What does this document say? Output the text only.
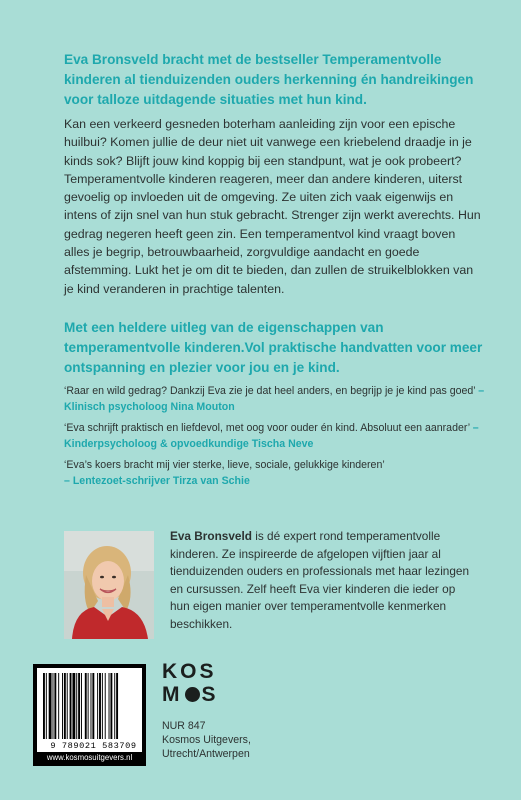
Eva Bronsveld bracht met de bestseller Temperamentvolle kinderen al tienduizenden ouders herkenning én handreikingen voor talloze uitdagende situaties met hun kind.

Kan een verkeerd gesneden boterham aanleiding zijn voor een epische huilbui? Komen jullie de deur niet uit vanwege een kriebelend draadje in je kinds sok? Blijft jouw kind koppig bij een standpunt, wat je ook probeert? Temperamentvolle kinderen reageren, meer dan andere kinderen, uiterst gevoelig op invloeden uit de omgeving. Ze uiten zich vaak eigenwijs en intens of zijn snel van hun stuk gebracht. Strenger zijn werkt averechts. Hun gedrag negeren heeft geen zin. Een temperamentvol kind vraagt boven alles je begrip, betrouwbaarheid, zorgvuldige aandacht en goede afstemming. Lukt het je om dit te bieden, dan zullen de struikelblokken van je kind veranderen in prachtige talenten.

Met een heldere uitleg van de eigenschappen van temperamentvolle kinderen.Vol praktische handvatten voor meer ontspanning en plezier voor jou en je kind.

‘Raar en wild gedrag? Dankzij Eva zie je dat heel anders, en begrijp je je kind pas goed’ – Klinisch psycholoog Nina Mouton

‘Eva schrijft praktisch en liefdevol, met oog voor ouder én kind. Absoluut een aanrader’ – Kinderpsycholoog & opvoedkundige Tischa Neve

‘Eva’s koers bracht mij vier sterke, lieve, sociale, gelukkige kinderen’
– Lentezoet-schrijver Tirza van Schie

Eva Bronsveld is dé expert rond temperamentvolle kinderen. Ze inspireerde de afgelopen vijftien jaar al tienduizenden ouders en professionals met haar lezingen en cursussen. Zelf heeft Eva vier kinderen die ieder op hun eigen manier over temperamentvolle kenmerken beschikken.

9 789021 583709
www.kosmosuitgevers.nl
KOS
M S
NUR 847
Kosmos Uitgevers,
Utrecht/Antwerpen
